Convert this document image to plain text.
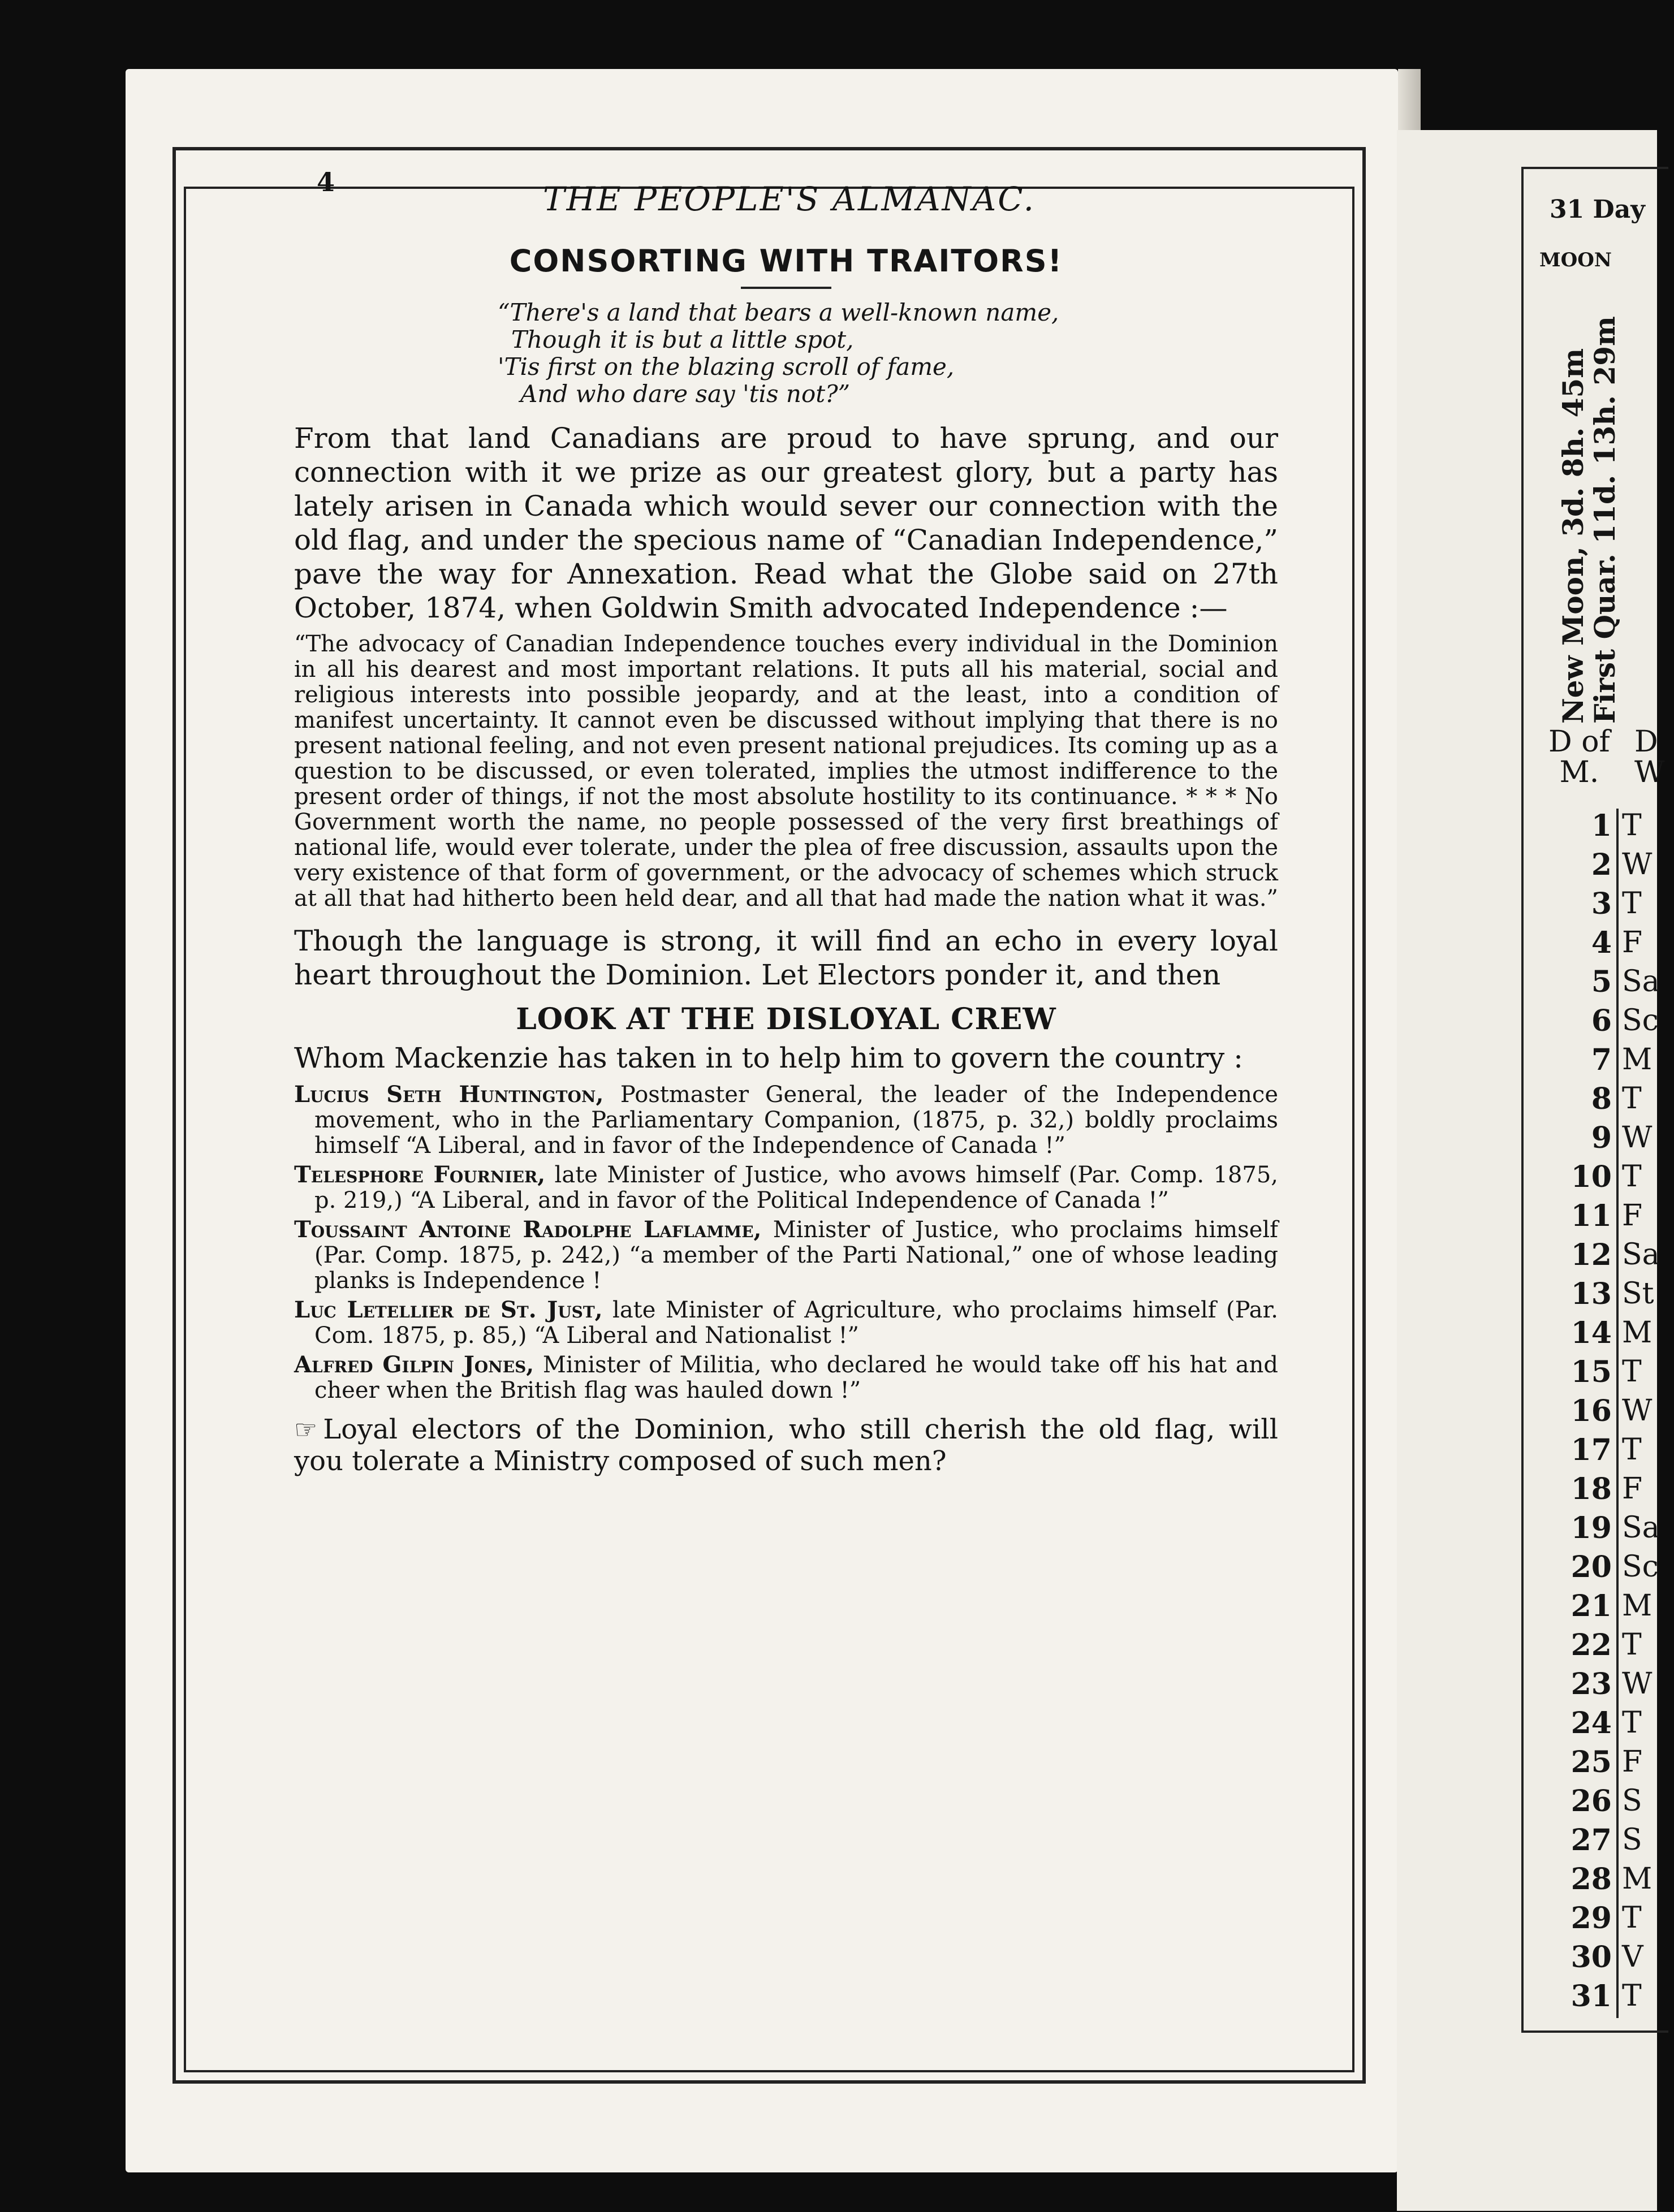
4	THE PEOPLE'S ALMANAC.

CONSORTING WITH TRAITORS!
“There's a land that bears a well-known name,
Though it is but a little spot,
'Tis first on the blazing scroll of fame,
And who dare say 'tis not?”

From that land Canadians are proud to have sprung, and our connection with it we prize as our greatest glory, but a party has lately arisen in Canada which would sever our connection with the old flag, and under the specious name of “Canadian Independence,” pave the way for Annexation. Read what the Globe said on 27th October, 1874, when Goldwin Smith advocated Independence :—

“The advocacy of Canadian Independence touches every individual in the Dominion in all his dearest and most important relations. It puts all his material, social and religious interests into possible jeopardy, and at the least, into a condition of manifest uncertainty. It cannot even be discussed without implying that there is no present national feeling, and not even present national prejudices. Its coming up as a question to be discussed, or even tolerated, implies the utmost indifference to the present order of things, if not the most absolute hostility to its continuance. * * * No Government worth the name, no people possessed of the very first breathings of national life, would ever tolerate, under the plea of free discussion, assaults upon the very existence of that form of government, or the advocacy of schemes which struck at all that had hitherto been held dear, and all that had made the nation what it was.”

Though the language is strong, it will find an echo in every loyal heart throughout the Dominion. Let Electors ponder it, and then

LOOK AT THE DISLOYAL CREW

Whom Mackenzie has taken in to help him to govern the country :

Lucius Seth Huntington, Postmaster General, the leader of the Independence movement, who in the Parliamentary Companion, (1875, p. 32,) boldly proclaims himself “A Liberal, and in favor of the Independence of Canada !”

Telesphore Fournier, late Minister of Justice, who avows himself (Par. Comp. 1875, p. 219,) “A Liberal, and in favor of the Political Independence of Canada !”

Toussaint Antoine Radolphe Laflamme, Minister of Justice, who proclaims himself (Par. Comp. 1875, p. 242,) “a member of the Parti National,” one of whose leading planks is Independence !

Luc Letellier de St. Just, late Minister of Agriculture, who proclaims himself (Par. Com. 1875, p. 85,) “A Liberal and Nationalist !”

Alfred Gilpin Jones, Minister of Militia, who declared he would take off his hat and cheer when the British flag was hauled down !”

☞ Loyal electors of the Dominion, who still cherish the old flag, will you tolerate a Ministry composed of such men?

31 Day

MOON

New Moon, 3d. 8h. 45m
First Quar. 11d. 13h. 29m

D of
M.

D
W

1 T
2 W
3 T
4 F
5 Sa
6 Sc
7 M
8 T
9 W
10 T
11 F
12 Sa
13 St
14 M
15 T
16 W
17 T
18 F
19 Sa
20 Sc
21 M
22 T
23 W
24 T
25 F
26 S
27 S
28 M
29 T
30 V
31 T
